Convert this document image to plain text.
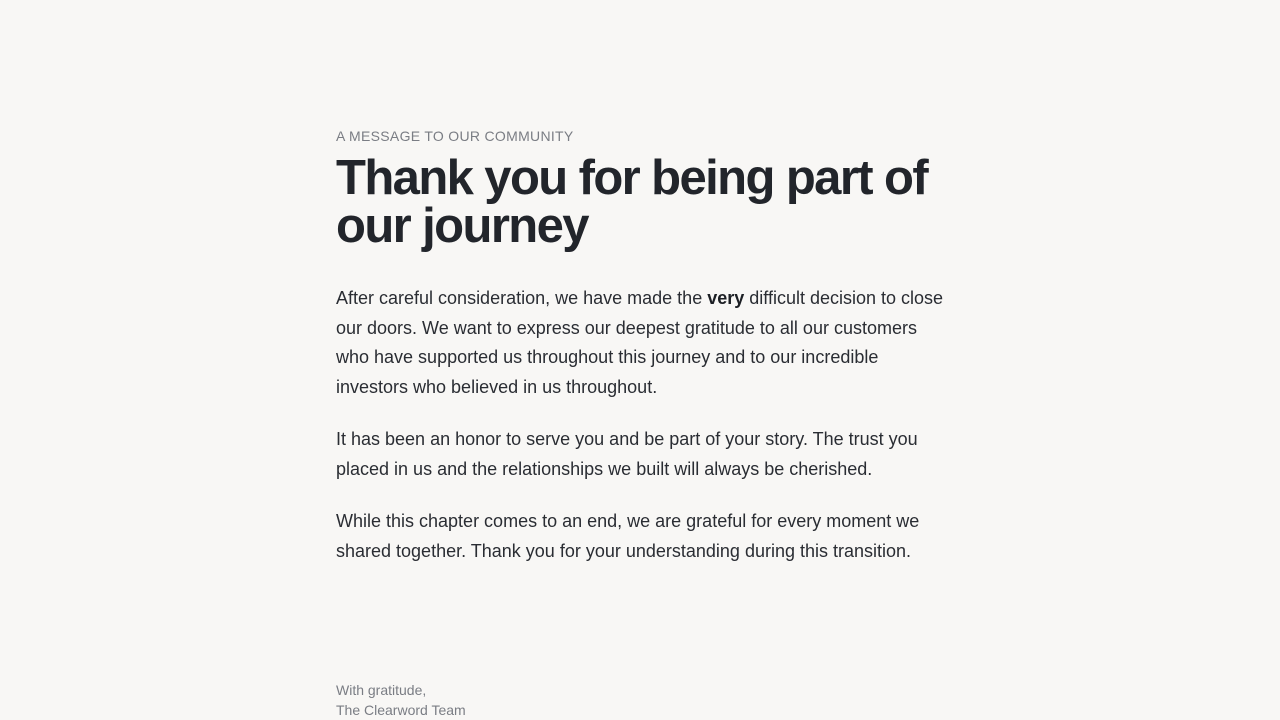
A MESSAGE TO OUR COMMUNITY

Thank you for being part of our journey

After careful consideration, we have made the very difficult decision to close our doors. We want to express our deepest gratitude to all our customers who have supported us throughout this journey and to our incredible investors who believed in us throughout.

It has been an honor to serve you and be part of your story. The trust you placed in us and the relationships we built will always be cherished.

While this chapter comes to an end, we are grateful for every moment we shared together. Thank you for your understanding during this transition.

With gratitude,
The Clearword Team
